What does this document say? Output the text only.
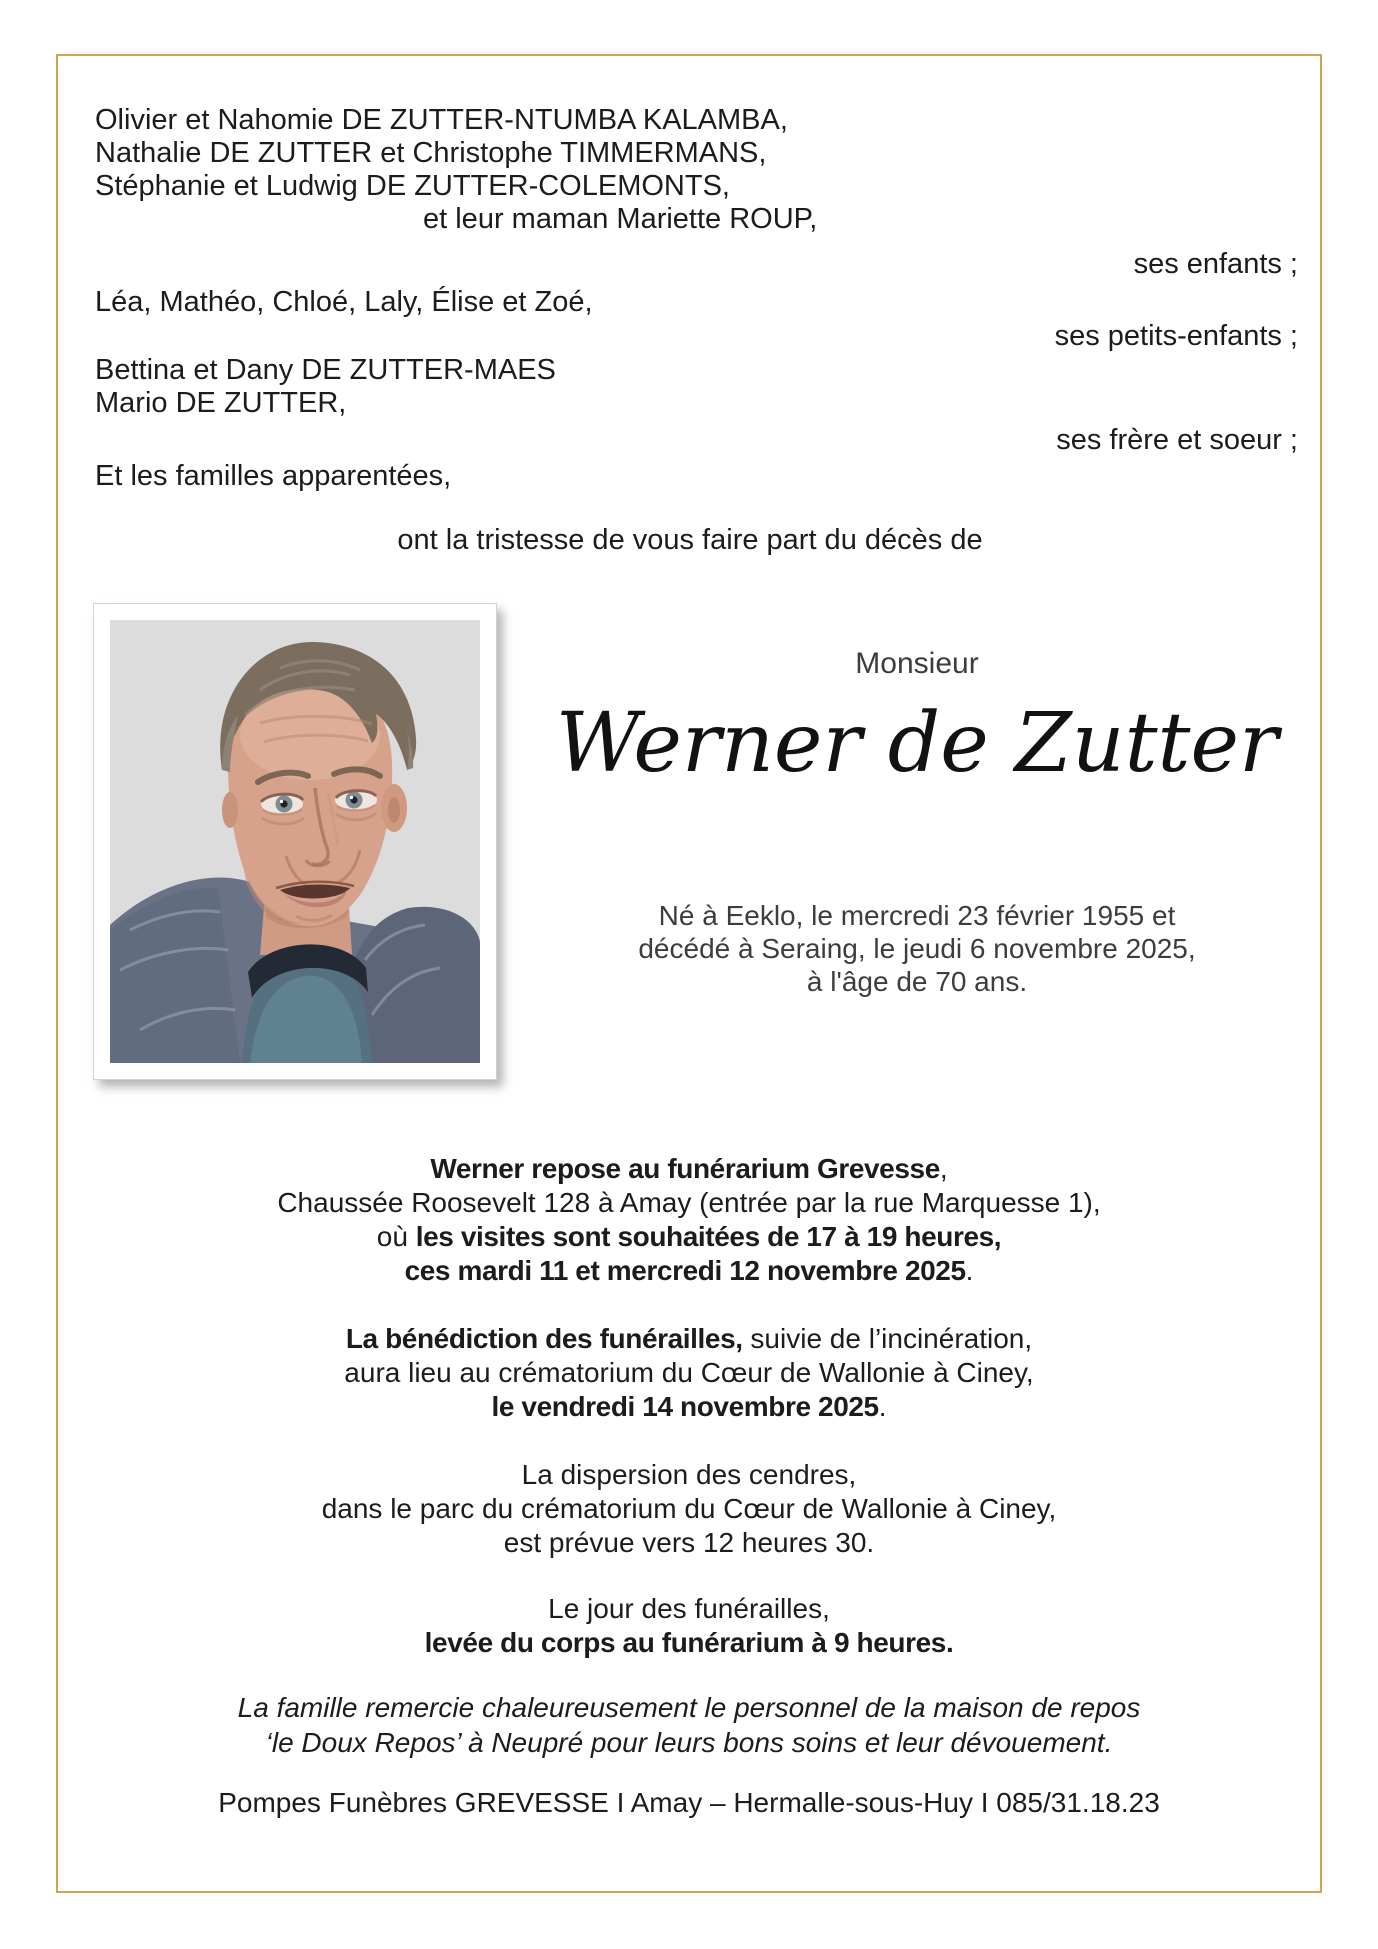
Olivier et Nahomie DE ZUTTER-NTUMBA KALAMBA,
Nathalie DE ZUTTER et Christophe TIMMERMANS,
Stéphanie et Ludwig DE ZUTTER-COLEMONTS,
et leur maman Mariette ROUP,
ses enfants ;
Léa, Mathéo, Chloé, Laly, Élise et Zoé,
ses petits-enfants ;
Bettina et Dany DE ZUTTER-MAES
Mario DE ZUTTER,
ses frère et soeur ;
Et les familles apparentées,
ont la tristesse de vous faire part du décès de
Monsieur
Werner de Zutter
Né à Eeklo, le mercredi 23 février 1955 et
décédé à Seraing, le jeudi 6 novembre 2025,
à l'âge de 70 ans.
Werner repose au funérarium Grevesse,
Chaussée Roosevelt 128 à Amay (entrée par la rue Marquesse 1),
où les visites sont souhaitées de 17 à 19 heures,
ces mardi 11 et mercredi 12 novembre 2025.
La bénédiction des funérailles, suivie de l’incinération,
aura lieu au crématorium du Cœur de Wallonie à Ciney,
le vendredi 14 novembre 2025.
La dispersion des cendres,
dans le parc du crématorium du Cœur de Wallonie à Ciney,
est prévue vers 12 heures 30.
Le jour des funérailles,
levée du corps au funérarium à 9 heures.
La famille remercie chaleureusement le personnel de la maison de repos
‘le Doux Repos’ à Neupré pour leurs bons soins et leur dévouement.
Pompes Funèbres GREVESSE I Amay – Hermalle-sous-Huy I 085/31.18.23
